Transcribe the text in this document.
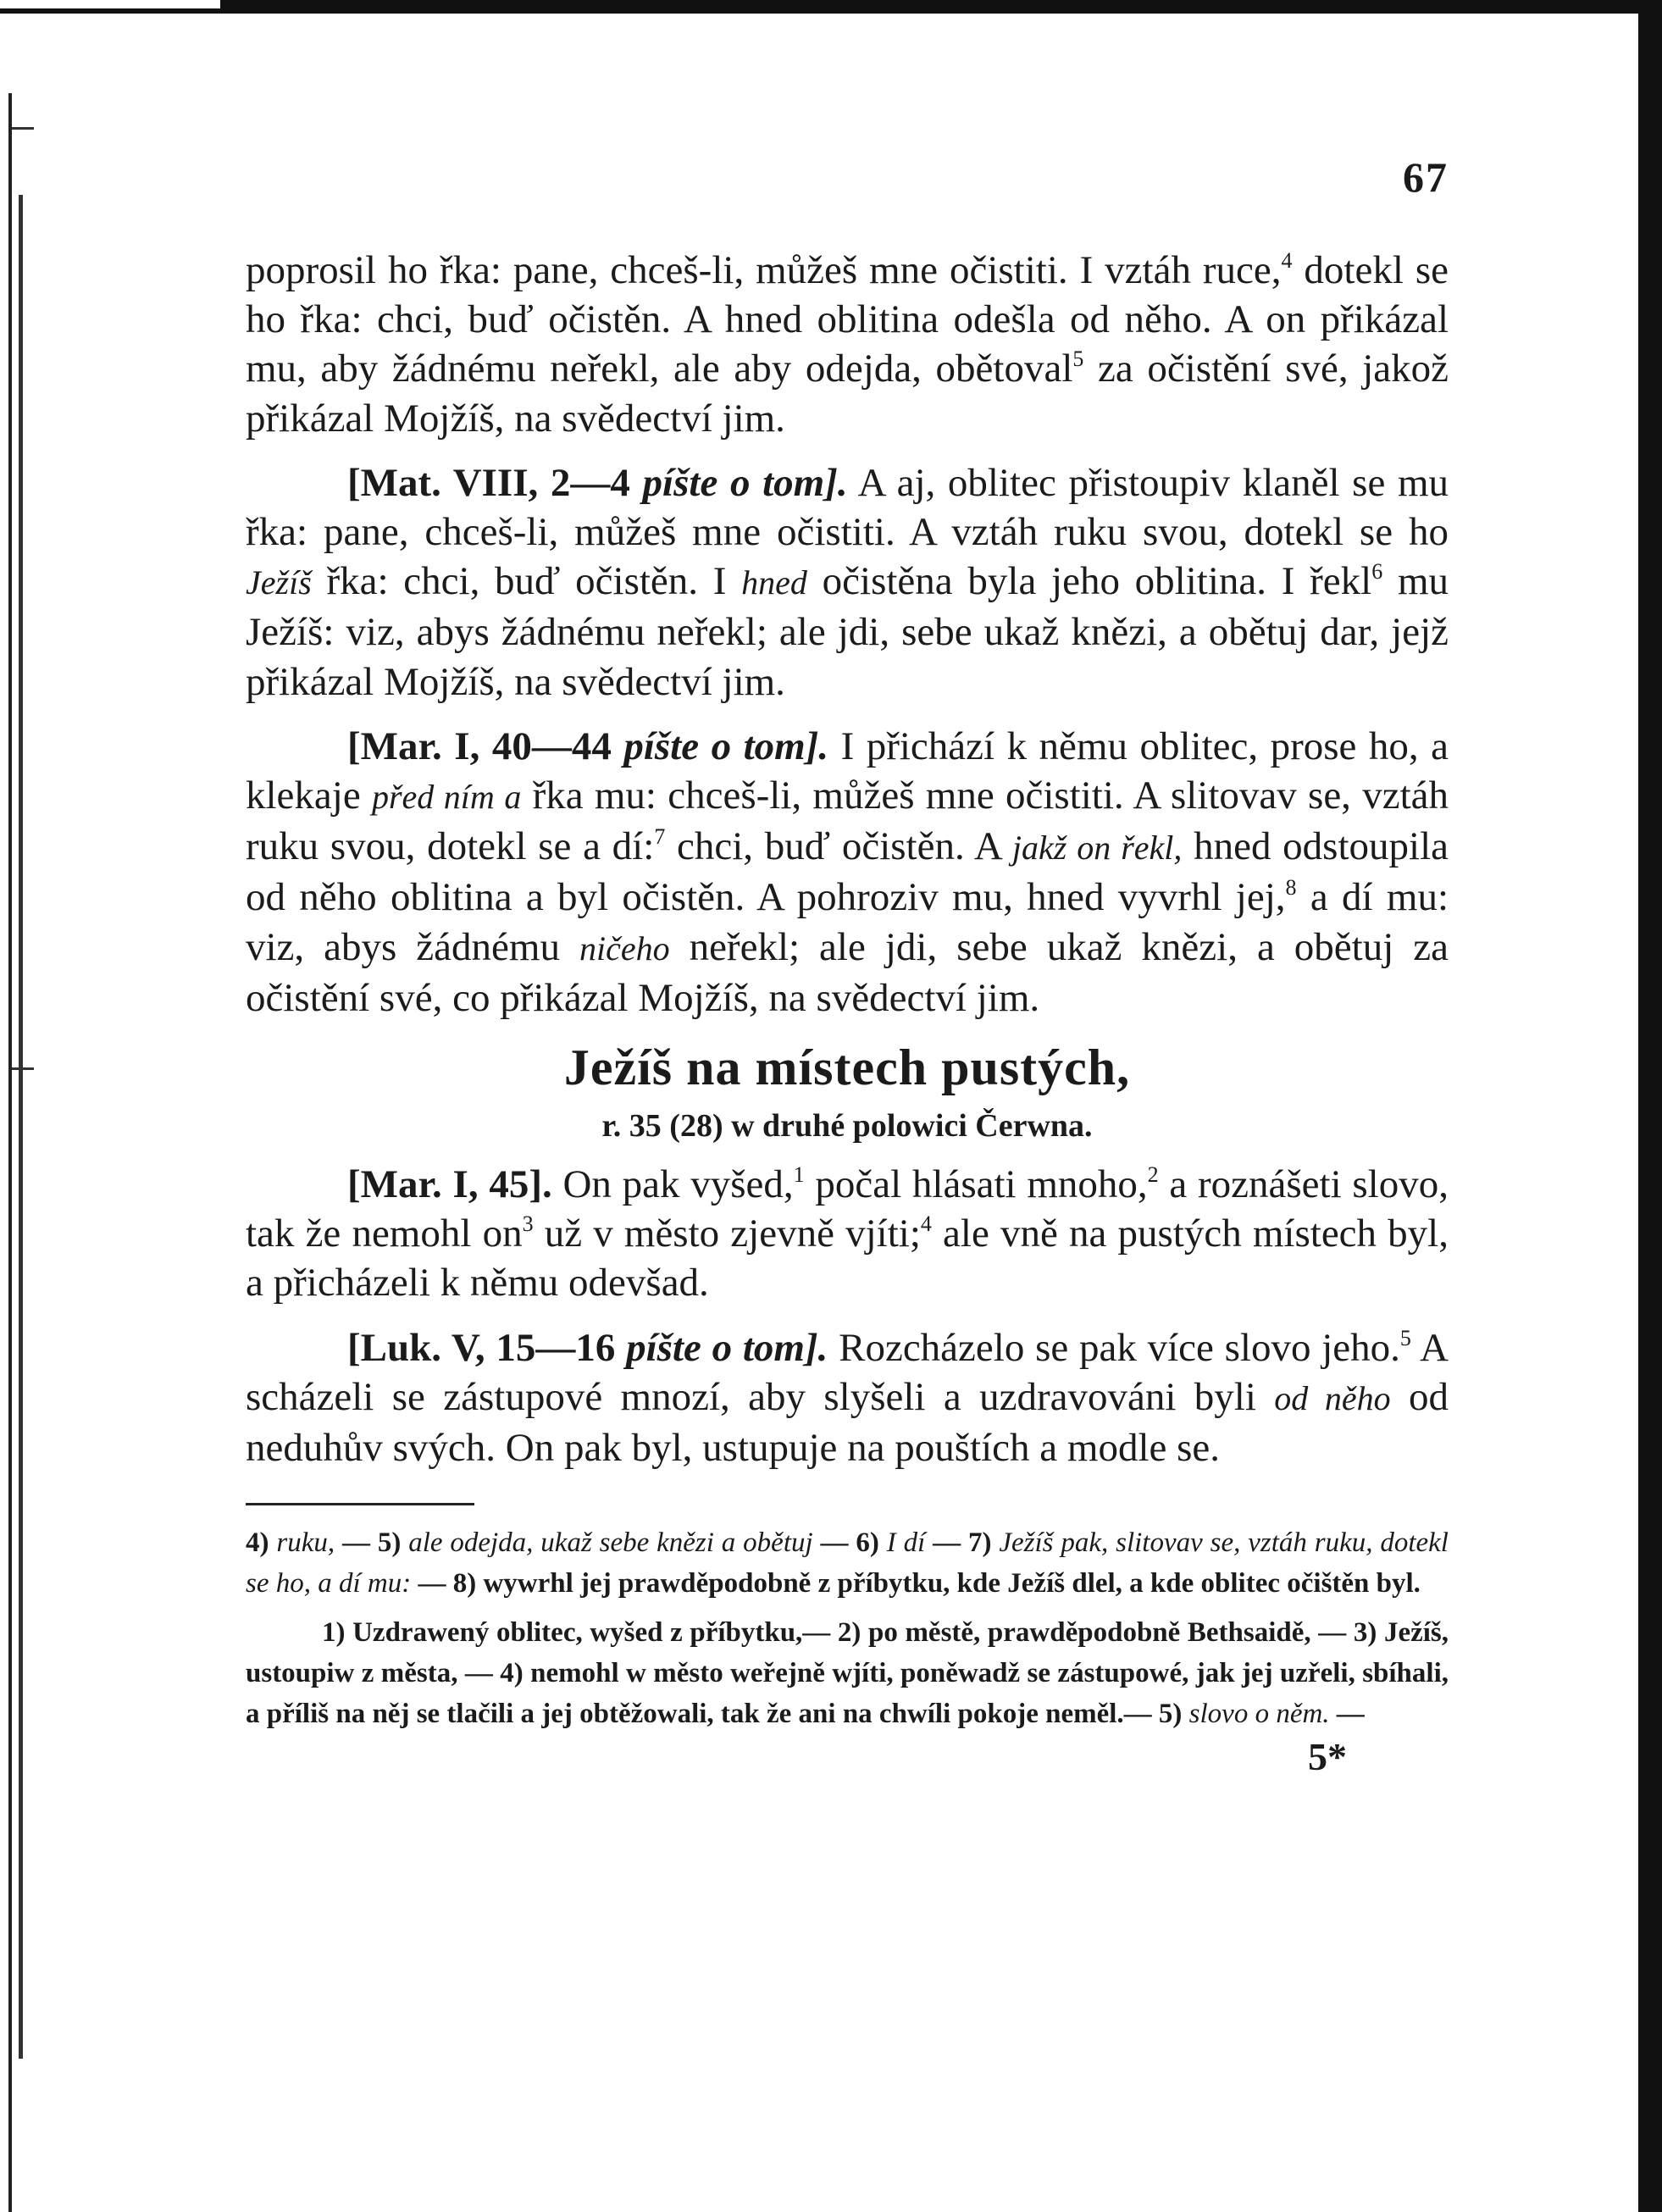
67

poprosil ho řka: pane, chceš-li, můžeš mne očistiti. I vztáh ruce,$^4$ dotekl se ho řka: chci, buď očistěn. A hned oblitina odešla od něho. A on přikázal mu, aby žádnému neřekl, ale aby odejda, obětoval$^5$ za očistění své, jakož přikázal Mojžíš, na svědectví jim.

[Mat. VIII, 2—4 píšte o tom]. A aj, oblitec přistoupiv klaněl se mu řka: pane, chceš-li, můžeš mne očistiti. A vztáh ruku svou, dotekl se ho Ježíš řka: chci, buď očistěn. I hned očistěna byla jeho oblitina. I řekl$^6$ mu Ježíš: viz, abys žádnému neřekl; ale jdi, sebe ukaž knězi, a obětuj dar, jejž přikázal Mojžíš, na svědectví jim.

[Mar. I, 40—44 píšte o tom]. I přichází k němu oblitec, prose ho, a klekaje před ním a řka mu: chceš-li, můžeš mne očistiti. A slitovav se, vztáh ruku svou, dotekl se a dí:$^7$ chci, buď očistěn. A jakž on řekl, hned odstoupila od něho oblitina a byl očistěn. A pohroziv mu, hned vyvrhl jej,$^8$ a dí mu: viz, abys žádnému ničeho neřekl; ale jdi, sebe ukaž knězi, a obětuj za očistění své, co přikázal Mojžíš, na svědectví jim.

Ježíš na místech pustých,
r. 35 (28) w druhé polowici Čerwna.

[Mar. I, 45]. On pak vyšed,$^1$ počal hlásati mnoho,$^2$ a roznášeti slovo, tak že nemohl $on^3$ už v město zjevně vjíti;$^4$ ale vně na pustých místech byl, a přicházeli k němu odevšad.

[Luk. V, 15—16 píšte o tom]. Rozcházelo se pak více slovo jeho.$^5$ A scházeli se zástupové mnozí, aby slyšeli a uzdravováni byli od něho od neduhův svých. On pak byl, ustupuje na pouštích a modle se.

4) ruku, — 5) ale odejda, ukaž sebe knězi a obětuj — 6) I dí — 7) Ježíš pak, slitovav se, vztáh ruku, dotekl se ho, a dí mu: — 8) wywrhl jej prawděpodobně z příbytku, kde Ježíš dlel, a kde oblitec očištěn byl.

1) Uzdrawený oblitec, wyšed z příbytku,— 2) po městě, prawděpodobně Bethsaidě, — 3) Ježíš, ustoupiw z města, — 4) nemohl w město weřejně wjíti, poněwadž se zástupowé, jak jej uzřeli, sbíhali, a příliš na něj se tlačili a jej obtěžowali, tak že ani na chwíli pokoje neměl.— 5) slovo o něm. —

5*
